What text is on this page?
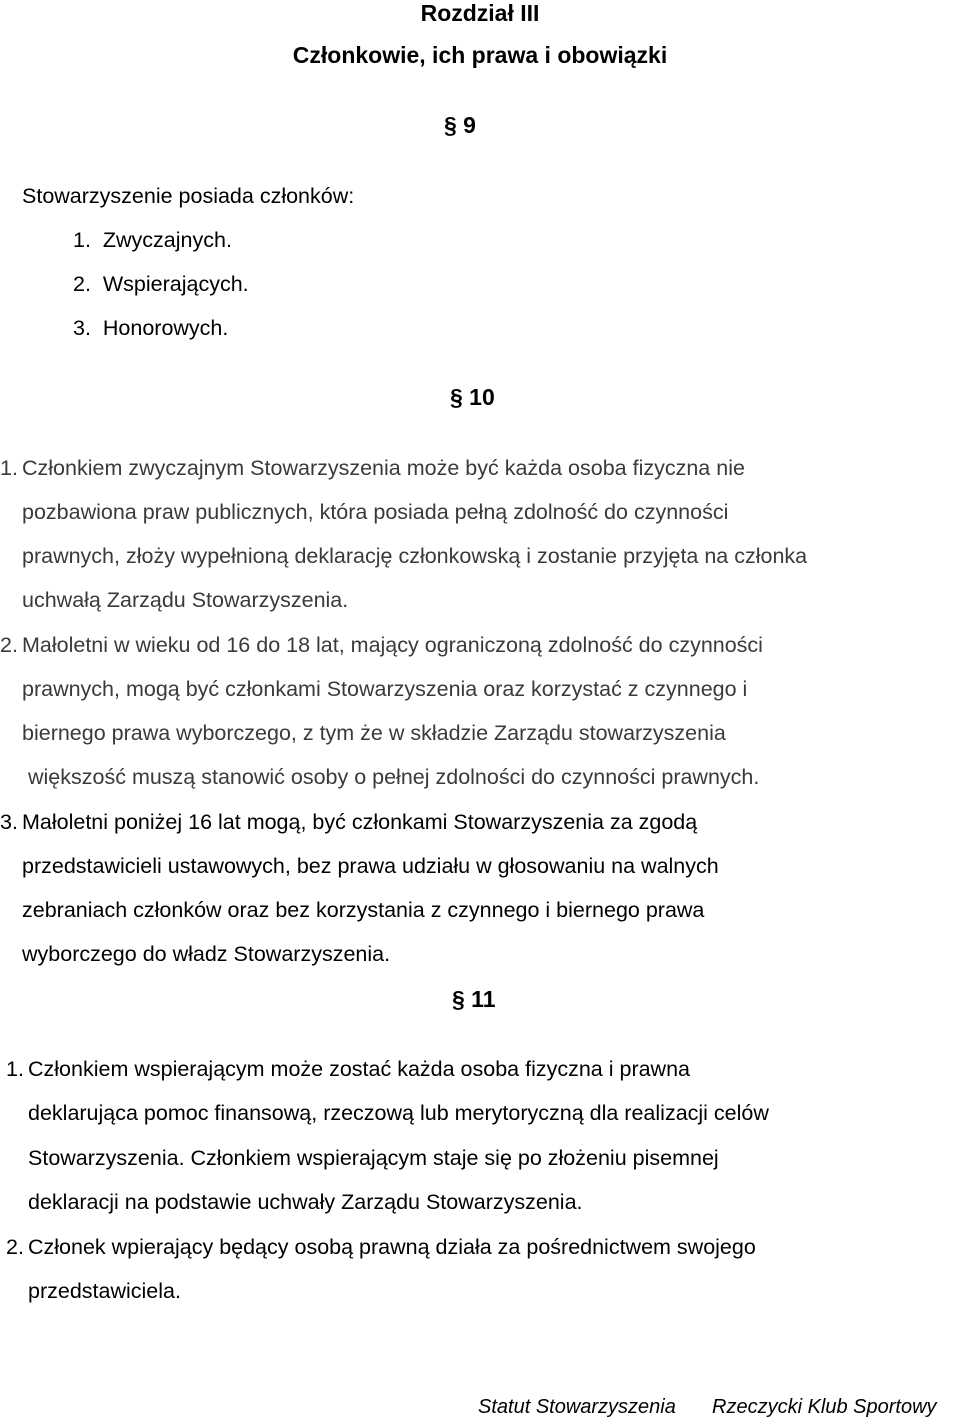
Rozdział III
Członkowie, ich prawa i obowiązki
§ 9
Stowarzyszenie posiada członków:
1. Zwyczajnych.
2. Wspierających.
3. Honorowych.
§ 10
1. Członkiem zwyczajnym Stowarzyszenia może być każda osoba fizyczna nie
pozbawiona praw publicznych, która posiada pełną zdolność do czynności
prawnych, złoży wypełnioną deklarację członkowską i zostanie przyjęta na członka
uchwałą Zarządu Stowarzyszenia.
2. Małoletni w wieku od 16 do 18 lat, mający ograniczoną zdolność do czynności
prawnych, mogą być członkami Stowarzyszenia oraz korzystać z czynnego i
biernego prawa wyborczego, z tym że w składzie Zarządu stowarzyszenia
większość muszą stanowić osoby o pełnej zdolności do czynności prawnych.
3. Małoletni poniżej 16 lat mogą, być członkami Stowarzyszenia za zgodą
przedstawicieli ustawowych, bez prawa udziału w głosowaniu na walnych
zebraniach członków oraz bez korzystania z czynnego i biernego prawa
wyborczego do władz Stowarzyszenia.
§ 11
1. Członkiem wspierającym może zostać każda osoba fizyczna i prawna
deklarująca pomoc finansową, rzeczową lub merytoryczną dla realizacji celów
Stowarzyszenia. Członkiem wspierającym staje się po złożeniu pisemnej
deklaracji na podstawie uchwały Zarządu Stowarzyszenia.
2. Członek wpierający będący osobą prawną działa za pośrednictwem swojego
przedstawiciela.
Statut Stowarzyszenia Rzeczycki Klub Sportowy
